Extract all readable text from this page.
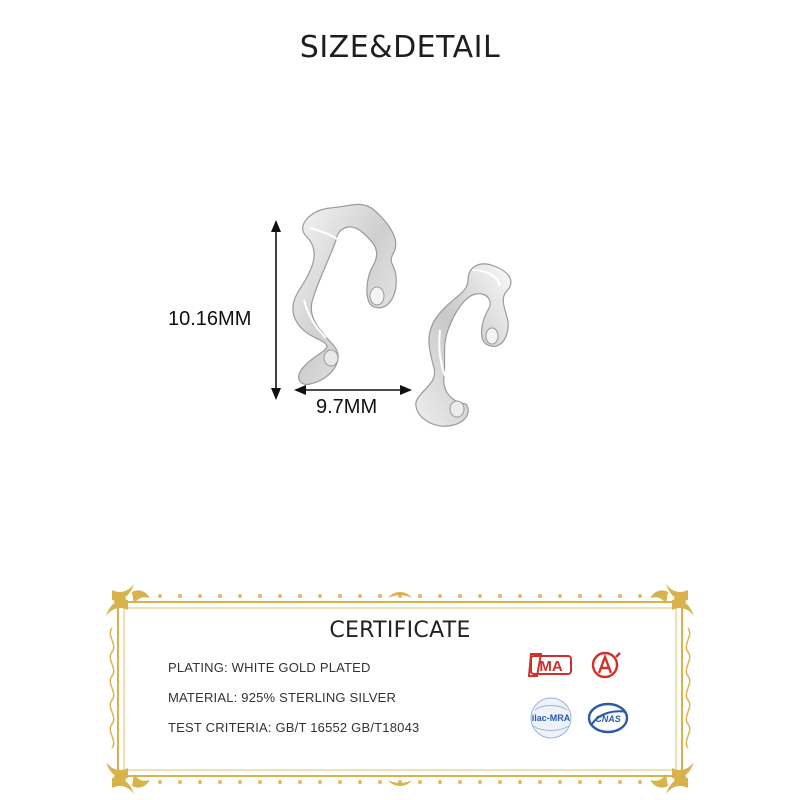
SIZE&DETAIL
10.16MM
9.7MM
CERTIFICATE
PLATING: WHITE GOLD PLATED
MATERIAL: 925% STERLING SILVER
TEST CRITERIA: GB/T 16552 GB/T18043
MA
ilac-MRA	CNAS
